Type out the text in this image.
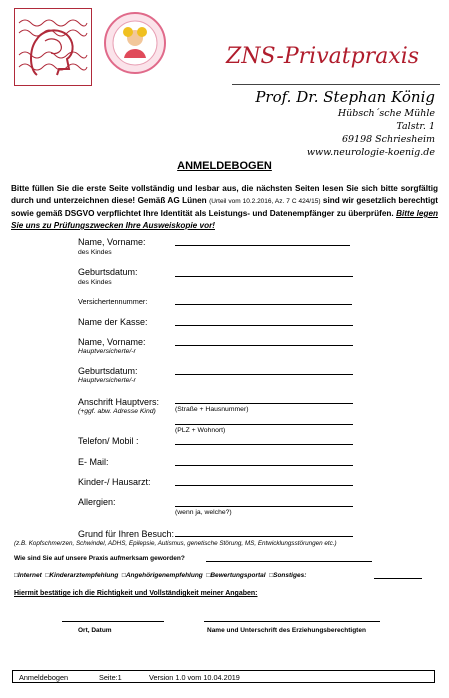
ZNS-Privatpraxis
Prof. Dr. Stephan König
Hübsch´sche Mühle
Talstr. 1
69198 Schriesheim
www.neurologie-koenig.de
ANMELDEBOGEN
Bitte füllen Sie die erste Seite vollständig und lesbar aus, die nächsten Seiten lesen Sie sich bitte sorgfältig durch und unterzeichnen diese! Gemäß AG Lünen (Urteil vom 10.2.2016, Az. 7 C 424/15) sind wir gesetzlich berechtigt sowie gemäß DSGVO verpflichtet Ihre Identität als Leistungs- und Datenempfänger zu überprüfen. Bitte legen Sie uns zu Prüfungszwecken Ihre Ausweiskopie vor!
Name, Vorname:
des Kindes
Geburtsdatum:
des Kindes
Versichertennummer:
Name der Kasse:
Name, Vorname:
Hauptversicherte/-r
Geburtsdatum:
Hauptversicherte/-r
Anschrift Hauptvers:
(+ggf. abw. Adresse Kind)	(Straße + Hausnummer)
(PLZ + Wohnort)
Telefon/ Mobil :
E- Mail:
Kinder-/ Hausarzt:
Allergien:
(wenn ja, welche?)
Grund für Ihren Besuch:
(z.B. Kopfschmerzen, Schwindel, ADHS, Epilepsie, Autismus, genetische Störung, MS, Entwicklungsstörungen etc.)
Wie sind Sie auf unsere Praxis aufmerksam geworden?
□Internet □Kinderarztempfehlung □Angehörigenempfehlung □Bewertungsportal □Sonstiges:
Hiermit bestätige ich die Richtigkeit und Vollständigkeit meiner Angaben:
Ort, Datum	Name und Unterschrift des Erziehungsberechtigten
Anmeldebogen	Seite:1	Version 1.0 vom 10.04.2019
